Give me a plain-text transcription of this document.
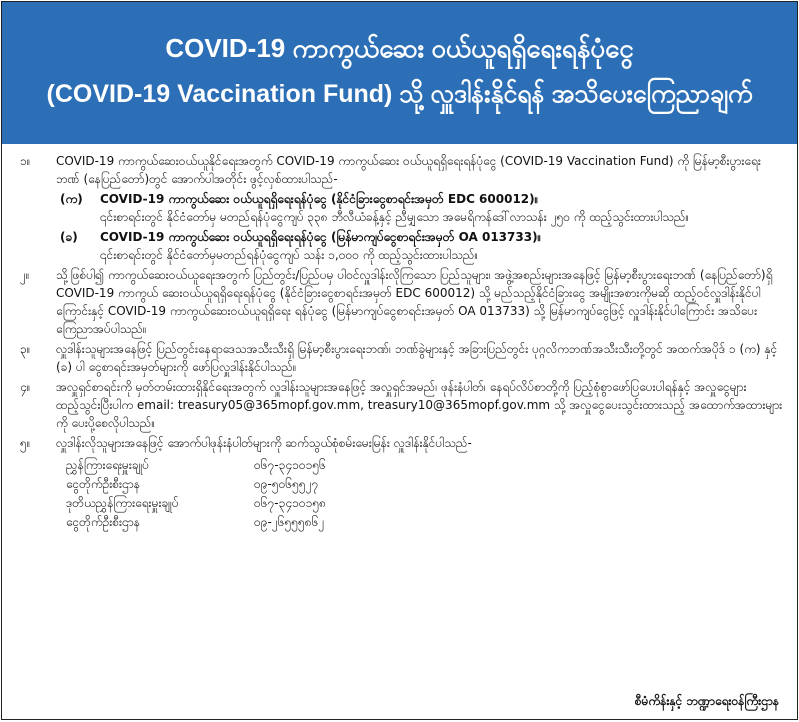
COVID-19 ကာကွယ်ဆေး ဝယ်ယူရရှိရေးရန်ပုံငွေ
(COVID-19 Vaccination Fund) သို့ လှူဒါန်းနိုင်ရန် အသိပေးကြေညာချက်
၁။	COVID-19 ကာကွယ်ဆေးဝယ်ယူနိုင်ရေးအတွက် COVID-19 ကာကွယ်ဆေး ဝယ်ယူရရှိရေးရန်ပုံငွေ (COVID-19 Vaccination Fund) ကို မြန်မာ့စီးပွားရေးဘဏ် (နေပြည်တော်)တွင် အောက်ပါအတိုင်း ဖွင့်လှစ်ထားပါသည်-
(က) COVID-19 ကာကွယ်ဆေး ဝယ်ယူရရှိရေးရန်ပုံငွေ (နိုင်ငံခြားငွေစာရင်းအမှတ် EDC 600012)။
၎င်းစာရင်းတွင် နိုင်ငံတော်မှ မတည်ရန်ပုံငွေကျပ် ၃၃၈ ဘီလီယံခန့်နှင့် ညီမျှသော အမေရိကန်ဒေါ်လာသန်း ၂၅၀ ကို ထည့်သွင်းထားပါသည်။
(ခ) COVID-19 ကာကွယ်ဆေး ဝယ်ယူရရှိရေးရန်ပုံငွေ (မြန်မာကျပ်ငွေစာရင်းအမှတ် OA 013733)။
၎င်းစာရင်းတွင် နိုင်ငံတော်မှမတည်ရန်ပုံငွေကျပ် သန်း ၁,၀၀၀ ကို ထည့်သွင်းထားပါသည်။
၂။	သို့ဖြစ်ပါ၍ ကာကွယ်ဆေးဝယ်ယူရေးအတွက် ပြည်တွင်း/ပြည်ပမှ ပါဝင်လှူဒါန်းလိုကြသော ပြည်သူများ၊ အဖွဲ့အစည်းများအနေဖြင့် မြန်မာ့စီးပွားရေးဘဏ် (နေပြည်တော်)ရှိ COVID-19 ကာကွယ် ဆေးဝယ်ယူရရှိရေးရန်ပုံငွေ (နိုင်ငံခြားငွေစာရင်းအမှတ် EDC 600012) သို့ မည်သည့်နိုင်ငံခြားငွေ အမျိုးအစားကိုမဆို ထည့်ဝင်လှူဒါန်းနိုင်ပါကြောင်းနှင့် COVID-19 ကာကွယ်ဆေးဝယ်ယူရရှိရေး ရန်ပုံငွေ (မြန်မာကျပ်ငွေစာရင်းအမှတ် OA 013733) သို့ မြန်မာကျပ်ငွေဖြင့် လှူဒါန်းနိုင်ပါကြောင်း အသိပေးကြေညာအပ်ပါသည်။
၃။	လှူဒါန်းသူများအနေဖြင့် ပြည်တွင်းနေရာဒေသအသီးသီးရှိ မြန်မာ့စီးပွားရေးဘဏ်၊ ဘဏ်ခွဲများနှင့် အခြားပြည်တွင်း ပုဂ္ဂလိကဘဏ်အသီးသီးတို့တွင် အထက်အပိုဒ် ၁ (က) နှင့် (ခ) ပါ ငွေစာရင်းအမှတ်များကို ဖော်ပြလှူဒါန်းနိုင်ပါသည်။
၄။	အလှူရှင်စာရင်းကို မှတ်တမ်းထားရှိနိုင်ရေးအတွက် လှူဒါန်းသူများအနေဖြင့် အလှူရှင်အမည်၊ ဖုန်းနံပါတ်၊ နေရပ်လိပ်စာတို့ကို ပြည့်စုံစွာဖော်ပြပေးပါရန်နှင့် အလှူငွေများ ထည့်သွင်းပြီးပါက email: treasury05@365mopf.gov.mm, treasury10@365mopf.gov.mm သို့ အလှူငွေပေးသွင်းထားသည့် အထောက်အထားများကို ပေးပို့စေလိုပါသည်။
၅။	လှူဒါန်းလိုသူများအနေဖြင့် အောက်ပါဖုန်းနံပါတ်များကို ဆက်သွယ်စုံစမ်းမေးမြန်း လှူဒါန်းနိုင်ပါသည်-
ညွှန်ကြားရေးမှူးချုပ်	၀၆၇-၃၄၁၀၁၅၆
ငွေတိုက်ဦးစီးဌာန	၀၉-၅၀၆၅၅၂၇
ဒုတိယညွှန်ကြားရေးမှူးချုပ်	၀၆၇-၃၄၁၀၁၅၈
ငွေတိုက်ဦးစီးဌာန	၀၉-၂၆၅၅၅၈၆၂
စီမံကိန်းနှင့် ဘဏ္ဍာရေးဝန်ကြီးဌာန
